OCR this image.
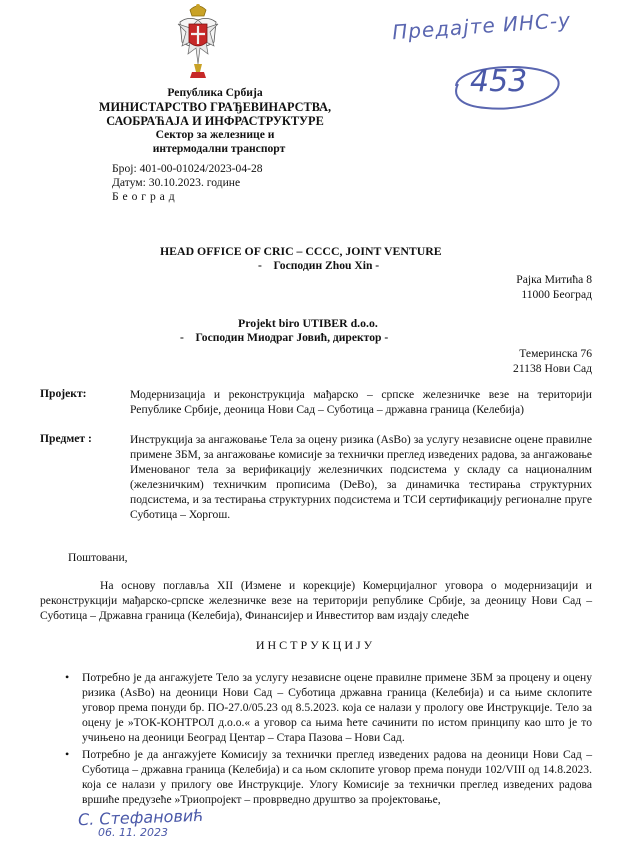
Предајте ИНС-у
453
Република Србија
МИНИСТАРСТВО ГРАЂЕВИНАРСТВА,
САОБРАЋАЈА И ИНФРАСТРУКТУРЕ
Сектор за железнице и
интермодални транспорт
Број: 401-00-01024/2023-04-28
Датум: 30.10.2023. године
Б е о г р а д
HEAD OFFICE OF CRIC – CCCC, JOINT VENTURE
-    Господин Zhou Xin -
Рајка Митића 8
11000 Београд
Projekt biro UTIBER d.o.o.
-    Господин Миодраг Јовић, директор -
Темеринска 76
21138 Нови Сад
Пројект:	Модернизација и реконструкција мађарско – српске железничке везе на територији Републике Србије, деоница Нови Сад – Суботица – државна граница (Келебија)
Предмет :	Инструкција за ангажовање Тела за оцену ризика (AsBo) за услугу независне оцене правилне примене ЗБМ, за ангажовање комисије за технички преглед изведених радова, за ангажовање Именованог тела за верификацију железничких подсистема у складу са националним (железничким) техничким прописима (DeBo), за динамичка тестирања структурних подсистема, и за тестирања структурних подсистема и ТСИ сертификацију регионалне пруге Суботица – Хоргош.
Поштовани,
На основу поглавља XII (Измене и корекције) Комерцијалног уговора о модернизацији и реконструкцији мађарско-српске железничке везе на територији републике Србије, за деоницу Нови Сад – Суботица – Државна граница (Келебија), Финансијер и Инвеститор вам издају следеће
И Н С Т Р У К Ц И Ј У
• Потребно је да ангажујете Тело за услугу независне оцене правилне примене ЗБМ за процену и оцену ризика (AsBo) на деоници Нови Сад – Суботица државна граница (Келебија) и са њиме склопите уговор према понуди бр. ПО-27.0/05.23 од 8.5.2023. која се налази у прологу ове Инструкције. Тело за оцену је »ТОК-КОНТРОЛ д.о.о.« а уговор са њима ћете сачинити по истом принципу као што је то учињено на деоници Београд Центар – Стара Пазова – Нови Сад.
• Потребно је да ангажујете Комисију за технички преглед изведених радова на деоници Нови Сад – Суботица – државна граница (Келебија) и са њом склопите уговор према понуди 102/VIII од 14.8.2023. која се налази у прилогу ове Инструкције. Улогу Комисије за технички преглед изведених радова вршиће предузеће »Триопројект – проврведно друштво за пројектовање,
С. Стефановић
06. 11. 2023
